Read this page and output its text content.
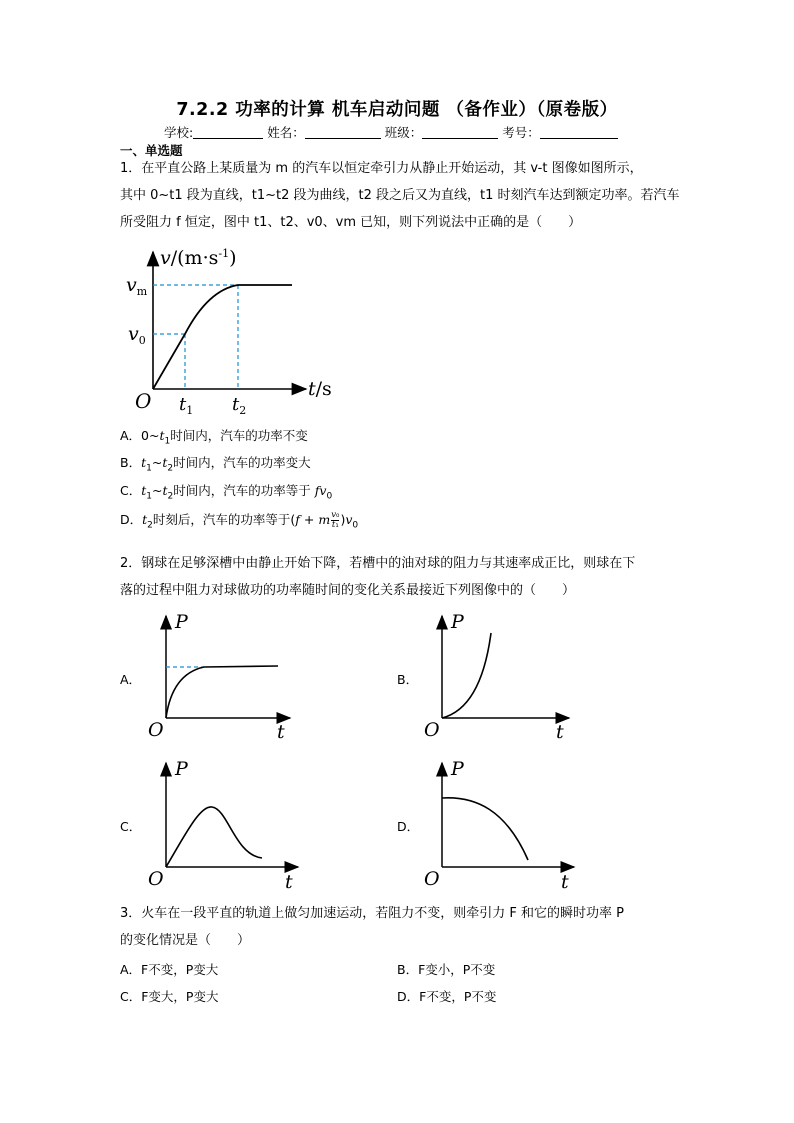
7.2.2 功率的计算 机车启动问题 （备作业）（原卷版）
学校:	姓名：	班级：	考号：
一、单选题
1．在平直公路上某质量为 m 的汽车以恒定牵引力从静止开始运动，其 v-t 图像如图所示，
其中 0~t1 段为直线，t1~t2 段为曲线，t2 段之后又为直线，t1 时刻汽车达到额定功率。若汽车
所受阻力 f 恒定，图中 t1、t2、v0、vm 已知，则下列说法中正确的是（　　）
$v/(m\cdot s^{-1})$
$v_m$
$v_0$
O $t_1$ $t_2$
t/s
A．$0\sim t_1$时间内，汽车的功率不变
B．$t_1\sim t_2$时间内，汽车的功率变大
C．$t_1\sim t_2$时间内，汽车的功率等于 $fv_0$
D．$t_2$时刻后，汽车的功率等于(f + m $\frac{\text{v₀}}{\text{t₁}} )v_0$
2．钢球在足够深槽中由静止开始下降，若槽中的油对球的阻力与其速率成正比，则球在下
落的过程中阻力对球做功的功率随时间的变化关系最接近下列图像中的（　　）
A．
P
O	t
B．
P
O	t
C．
P
O	t
D．
P
O	t
3．火车在一段平直的轨道上做匀加速运动，若阻力不变，则牵引力 F 和它的瞬时功率 P
的变化情况是（　　）
A．F不变，P变大	B．F变小，P不变
C．F变大，P变大	D．F不变，P不变
